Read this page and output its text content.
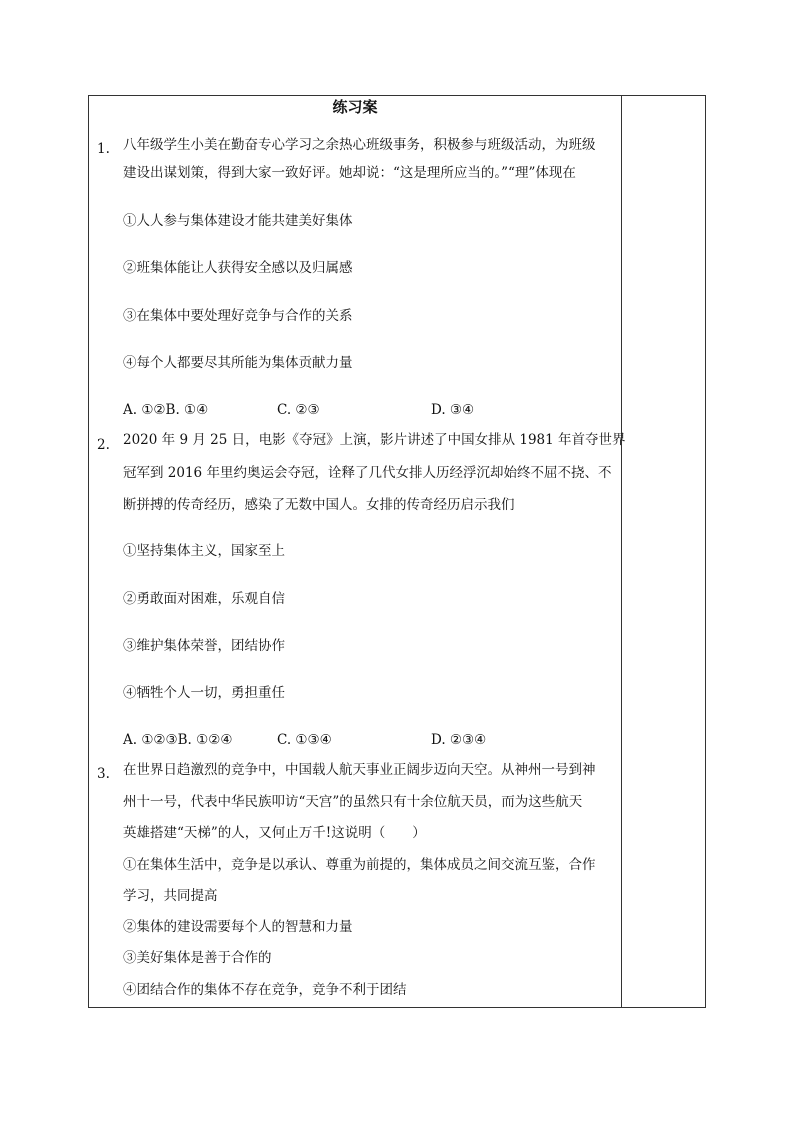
练习案
1. 八年级学生小美在勤奋专心学习之余热心班级事务，积极参与班级活动，为班级
建设出谋划策，得到大家一致好评。她却说：“这是理所应当的。”“理”体现在
①人人参与集体建设才能共建美好集体
②班集体能让人获得安全感以及归属感
③在集体中要处理好竞争与合作的关系
④每个人都要尽其所能为集体贡献力量
A. ①②B. ①④	C. ②③	D. ③④
2. 2020 年 9 月 25 日，电影《夺冠》上演，影片讲述了中国女排从 1981 年首夺世界
冠军到 2016 年里约奥运会夺冠，诠释了几代女排人历经浮沉却始终不屈不挠、不
断拼搏的传奇经历，感染了无数中国人。女排的传奇经历启示我们
①坚持集体主义，国家至上
②勇敢面对困难，乐观自信
③维护集体荣誉，团结协作
④牺牲个人一切，勇担重任
A. ①②③B. ①②④	C. ①③④	D. ②③④
3. 在世界日趋激烈的竞争中，中国载人航天事业正阔步迈向天空。从神州一号到神
州十一号，代表中华民族叩访“天宫”的虽然只有十余位航天员，而为这些航天
英雄搭建“天梯”的人，又何止万千!这说明（　　）
①在集体生活中，竞争是以承认、尊重为前提的，集体成员之间交流互鉴，合作
学习，共同提高
②集体的建设需要每个人的智慧和力量
③美好集体是善于合作的
④团结合作的集体不存在竞争，竞争不利于团结
